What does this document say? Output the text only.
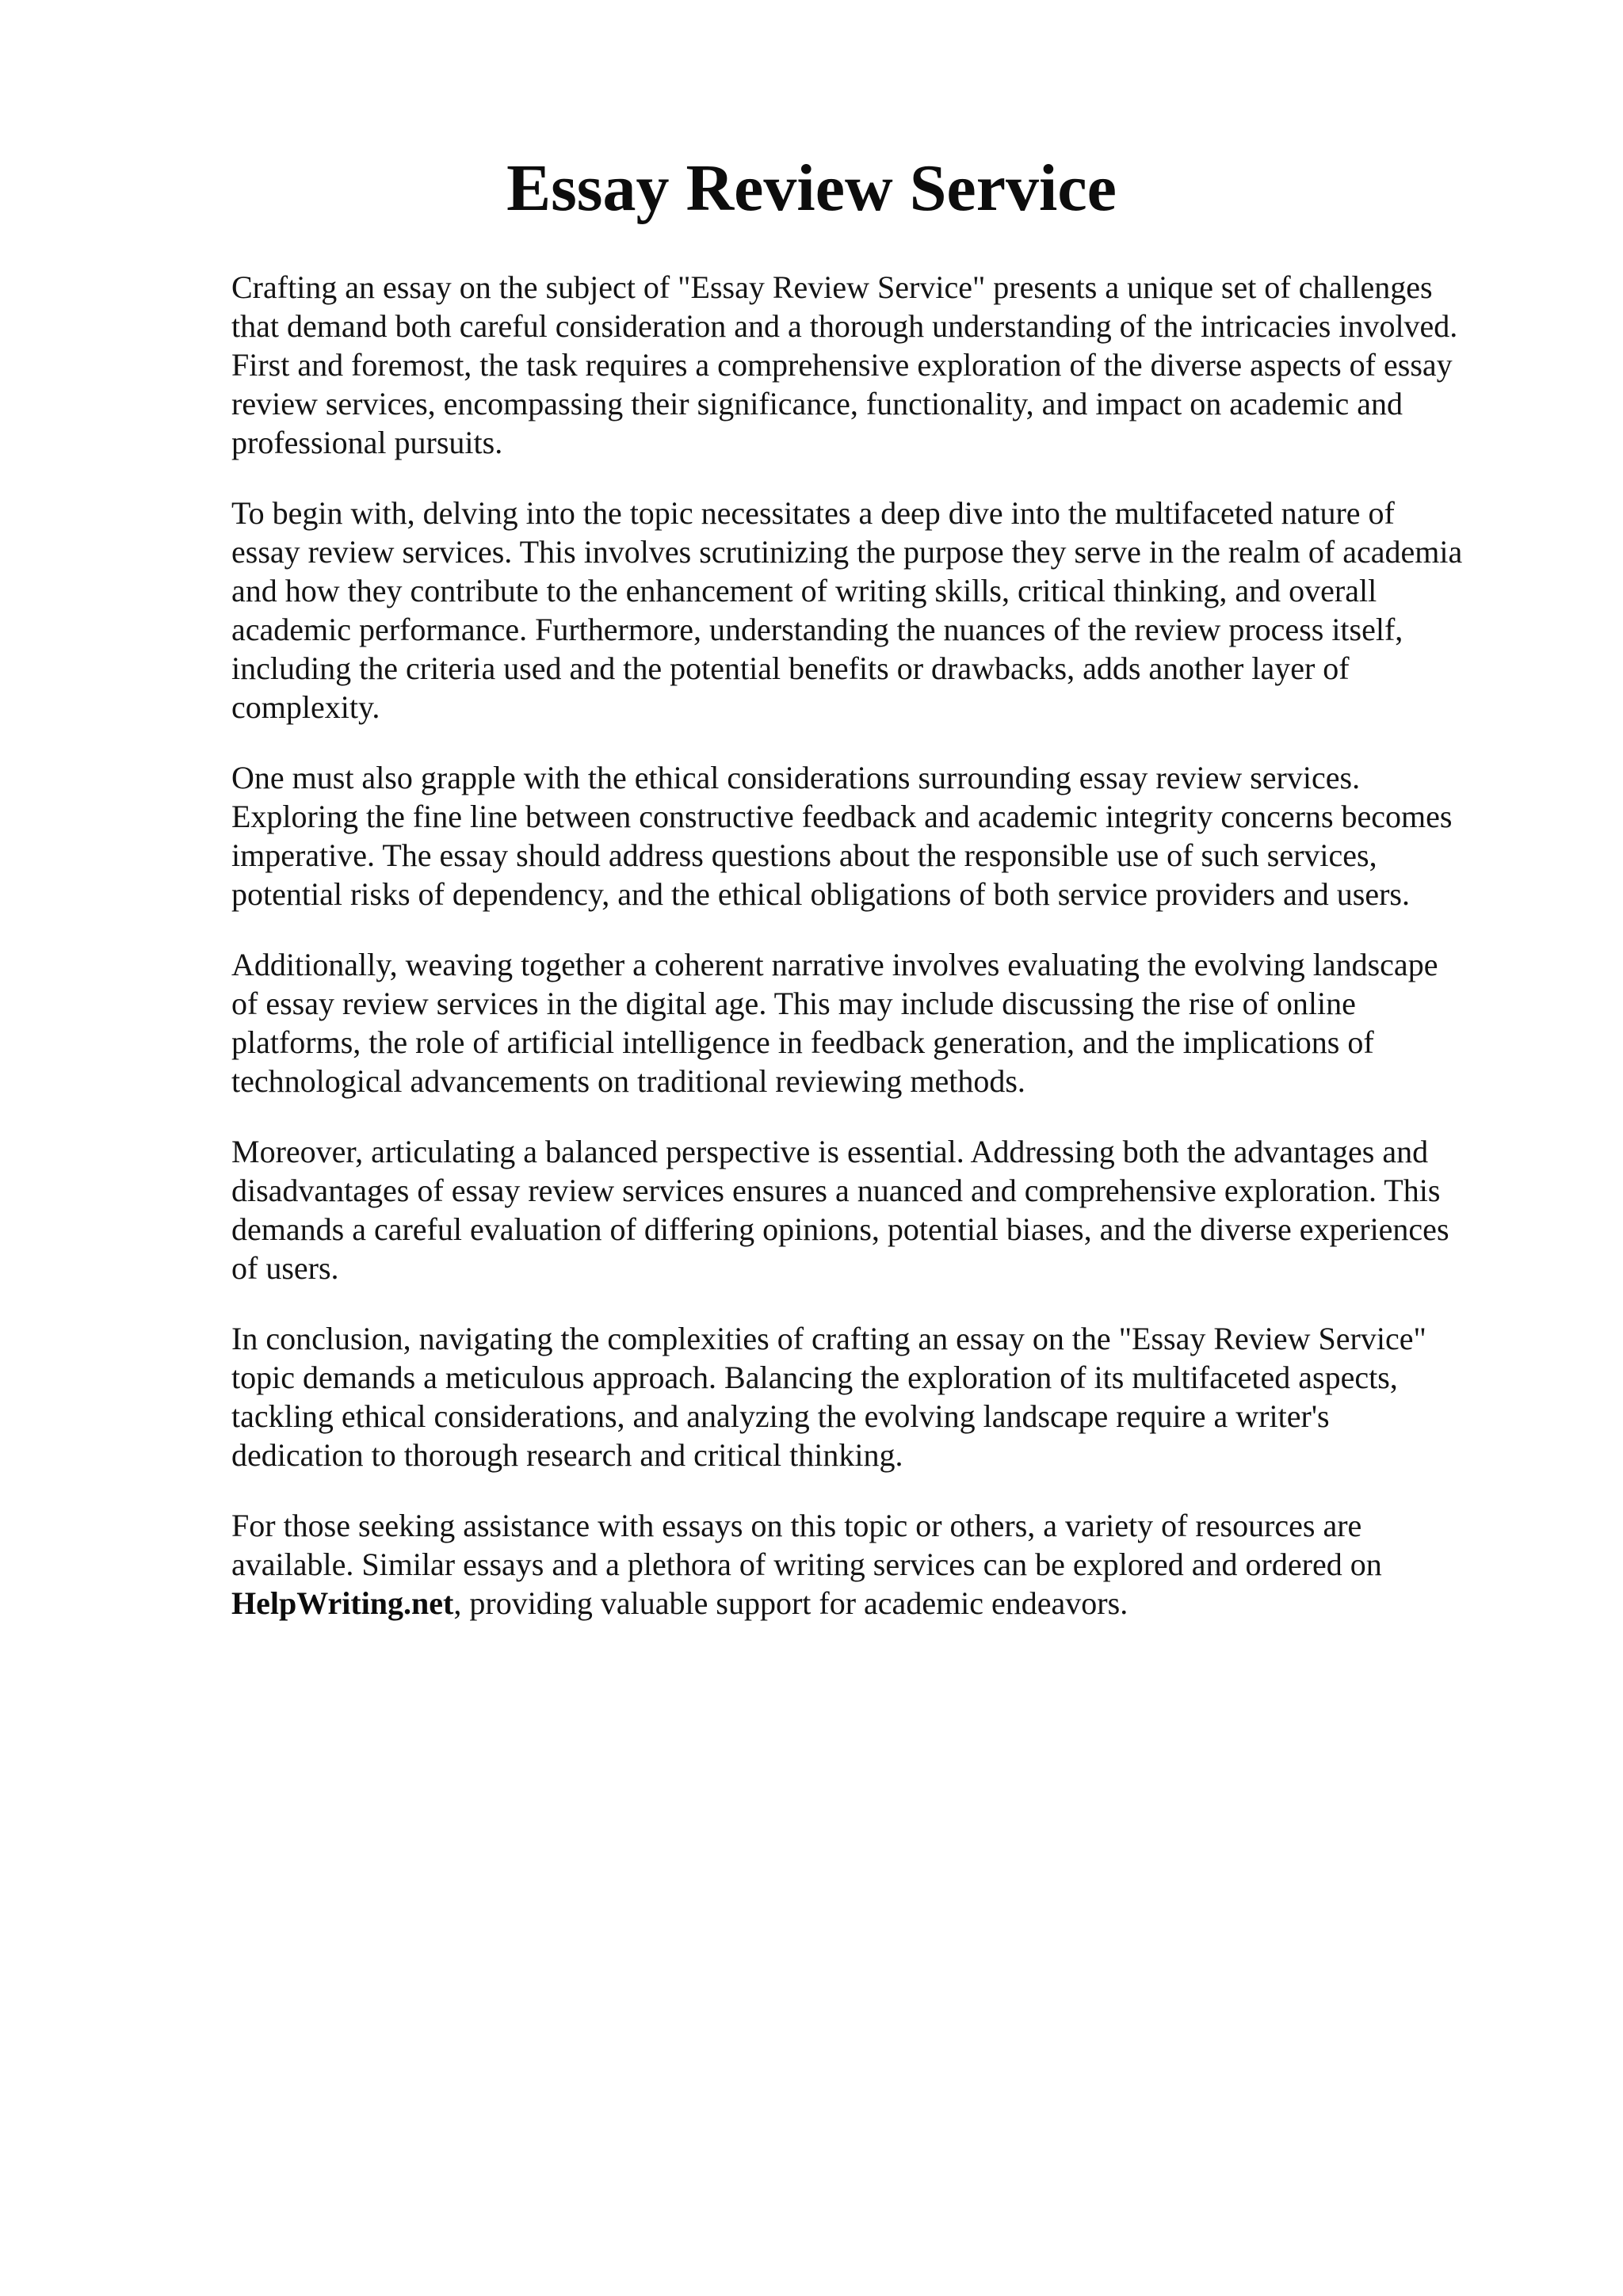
Essay Review Service

Crafting an essay on the subject of "Essay Review Service" presents a unique set of challenges
that demand both careful consideration and a thorough understanding of the intricacies involved.
First and foremost, the task requires a comprehensive exploration of the diverse aspects of essay
review services, encompassing their significance, functionality, and impact on academic and
professional pursuits.

To begin with, delving into the topic necessitates a deep dive into the multifaceted nature of
essay review services. This involves scrutinizing the purpose they serve in the realm of academia
and how they contribute to the enhancement of writing skills, critical thinking, and overall
academic performance. Furthermore, understanding the nuances of the review process itself,
including the criteria used and the potential benefits or drawbacks, adds another layer of
complexity.

One must also grapple with the ethical considerations surrounding essay review services.
Exploring the fine line between constructive feedback and academic integrity concerns becomes
imperative. The essay should address questions about the responsible use of such services,
potential risks of dependency, and the ethical obligations of both service providers and users.

Additionally, weaving together a coherent narrative involves evaluating the evolving landscape
of essay review services in the digital age. This may include discussing the rise of online
platforms, the role of artificial intelligence in feedback generation, and the implications of
technological advancements on traditional reviewing methods.

Moreover, articulating a balanced perspective is essential. Addressing both the advantages and
disadvantages of essay review services ensures a nuanced and comprehensive exploration. This
demands a careful evaluation of differing opinions, potential biases, and the diverse experiences
of users.

In conclusion, navigating the complexities of crafting an essay on the "Essay Review Service"
topic demands a meticulous approach. Balancing the exploration of its multifaceted aspects,
tackling ethical considerations, and analyzing the evolving landscape require a writer's
dedication to thorough research and critical thinking.

For those seeking assistance with essays on this topic or others, a variety of resources are
available. Similar essays and a plethora of writing services can be explored and ordered on
HelpWriting.net, providing valuable support for academic endeavors.
